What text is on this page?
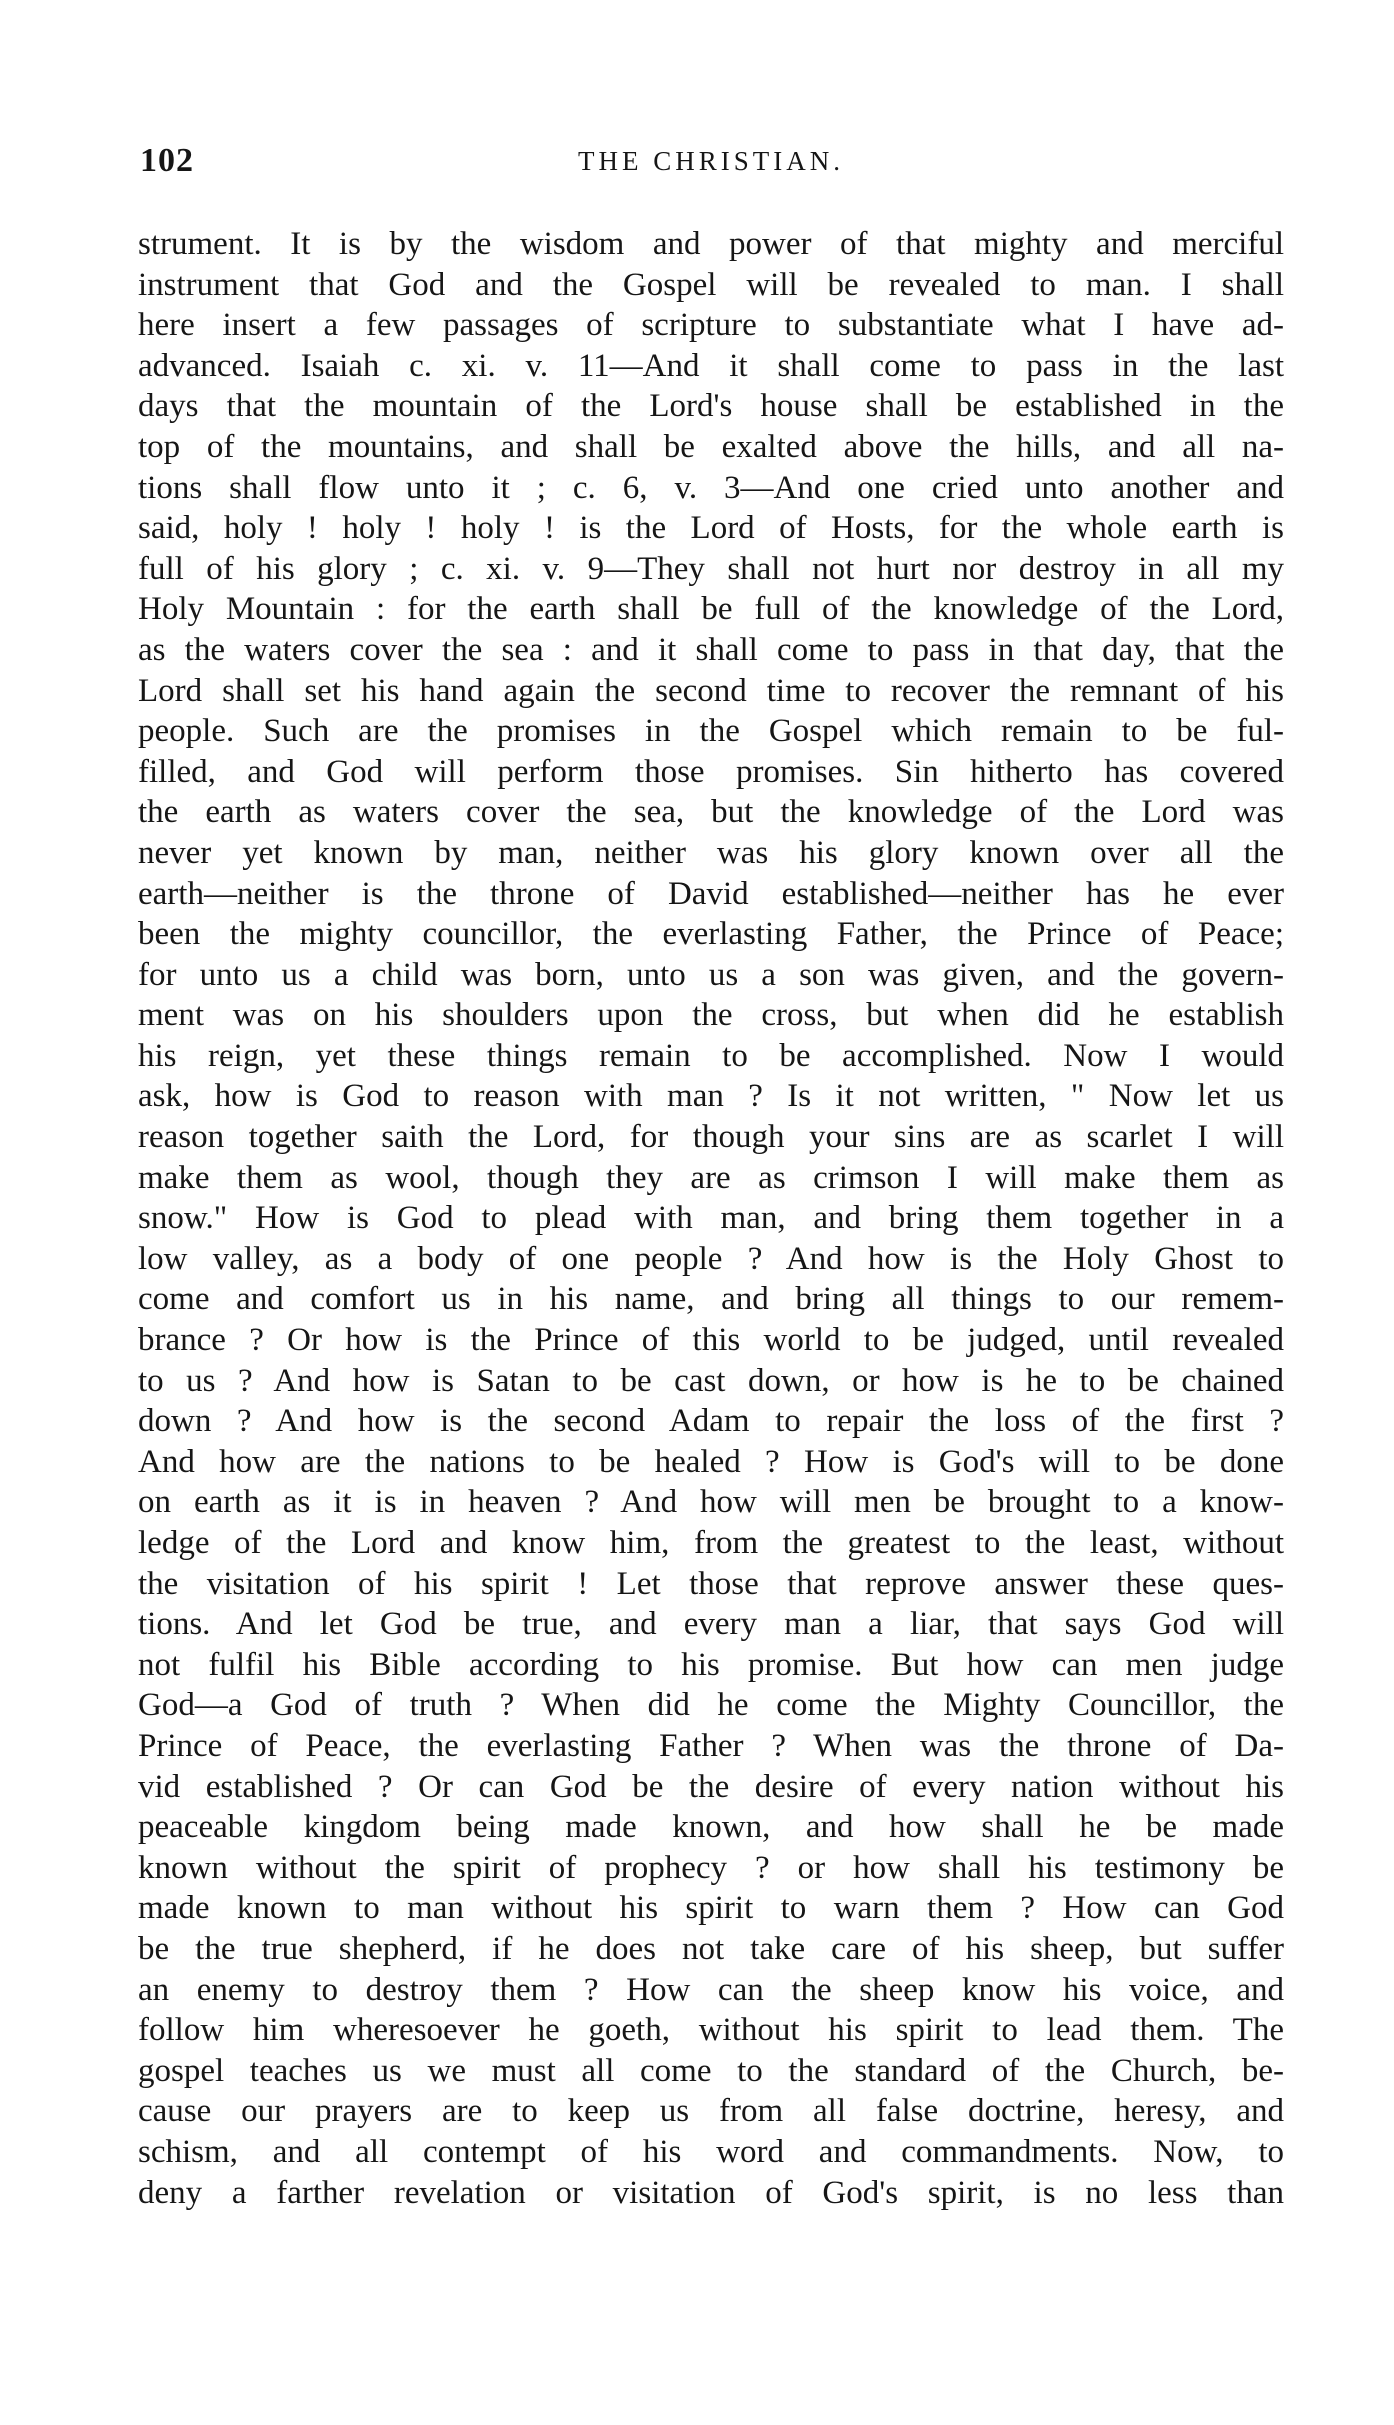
102	THE CHRISTIAN.
strument. It is by the wisdom and power of that mighty and merciful
instrument that God and the Gospel will be revealed to man. I shall
here insert a few passages of scripture to substantiate what I have ad-
advanced. Isaiah c. xi. v. 11—And it shall come to pass in the last
days that the mountain of the Lord's house shall be established in the
top of the mountains, and shall be exalted above the hills, and all na-
tions shall flow unto it ; c. 6, v. 3—And one cried unto another and
said, holy ! holy ! holy ! is the Lord of Hosts, for the whole earth is
full of his glory ; c. xi. v. 9—They shall not hurt nor destroy in all my
Holy Mountain : for the earth shall be full of the knowledge of the Lord,
as the waters cover the sea : and it shall come to pass in that day, that the
Lord shall set his hand again the second time to recover the remnant of his
people. Such are the promises in the Gospel which remain to be ful-
filled, and God will perform those promises. Sin hitherto has covered
the earth as waters cover the sea, but the knowledge of the Lord was
never yet known by man, neither was his glory known over all the
earth—neither is the throne of David established—neither has he ever
been the mighty councillor, the everlasting Father, the Prince of Peace;
for unto us a child was born, unto us a son was given, and the govern-
ment was on his shoulders upon the cross, but when did he establish
his reign, yet these things remain to be accomplished. Now I would
ask, how is God to reason with man ? Is it not written, " Now let us
reason together saith the Lord, for though your sins are as scarlet I will
make them as wool, though they are as crimson I will make them as
snow." How is God to plead with man, and bring them together in a
low valley, as a body of one people ? And how is the Holy Ghost to
come and comfort us in his name, and bring all things to our remem-
brance ? Or how is the Prince of this world to be judged, until revealed
to us ? And how is Satan to be cast down, or how is he to be chained
down ? And how is the second Adam to repair the loss of the first ?
And how are the nations to be healed ? How is God's will to be done
on earth as it is in heaven ? And how will men be brought to a know-
ledge of the Lord and know him, from the greatest to the least, without
the visitation of his spirit ! Let those that reprove answer these ques-
tions. And let God be true, and every man a liar, that says God will
not fulfil his Bible according to his promise. But how can men judge
God—a God of truth ? When did he come the Mighty Councillor, the
Prince of Peace, the everlasting Father ? When was the throne of Da-
vid established ? Or can God be the desire of every nation without his
peaceable kingdom being made known, and how shall he be made
known without the spirit of prophecy ? or how shall his testimony be
made known to man without his spirit to warn them ? How can God
be the true shepherd, if he does not take care of his sheep, but suffer
an enemy to destroy them ? How can the sheep know his voice, and
follow him wheresoever he goeth, without his spirit to lead them. The
gospel teaches us we must all come to the standard of the Church, be-
cause our prayers are to keep us from all false doctrine, heresy, and
schism, and all contempt of his word and commandments. Now, to
deny a farther revelation or visitation of God's spirit, is no less than
